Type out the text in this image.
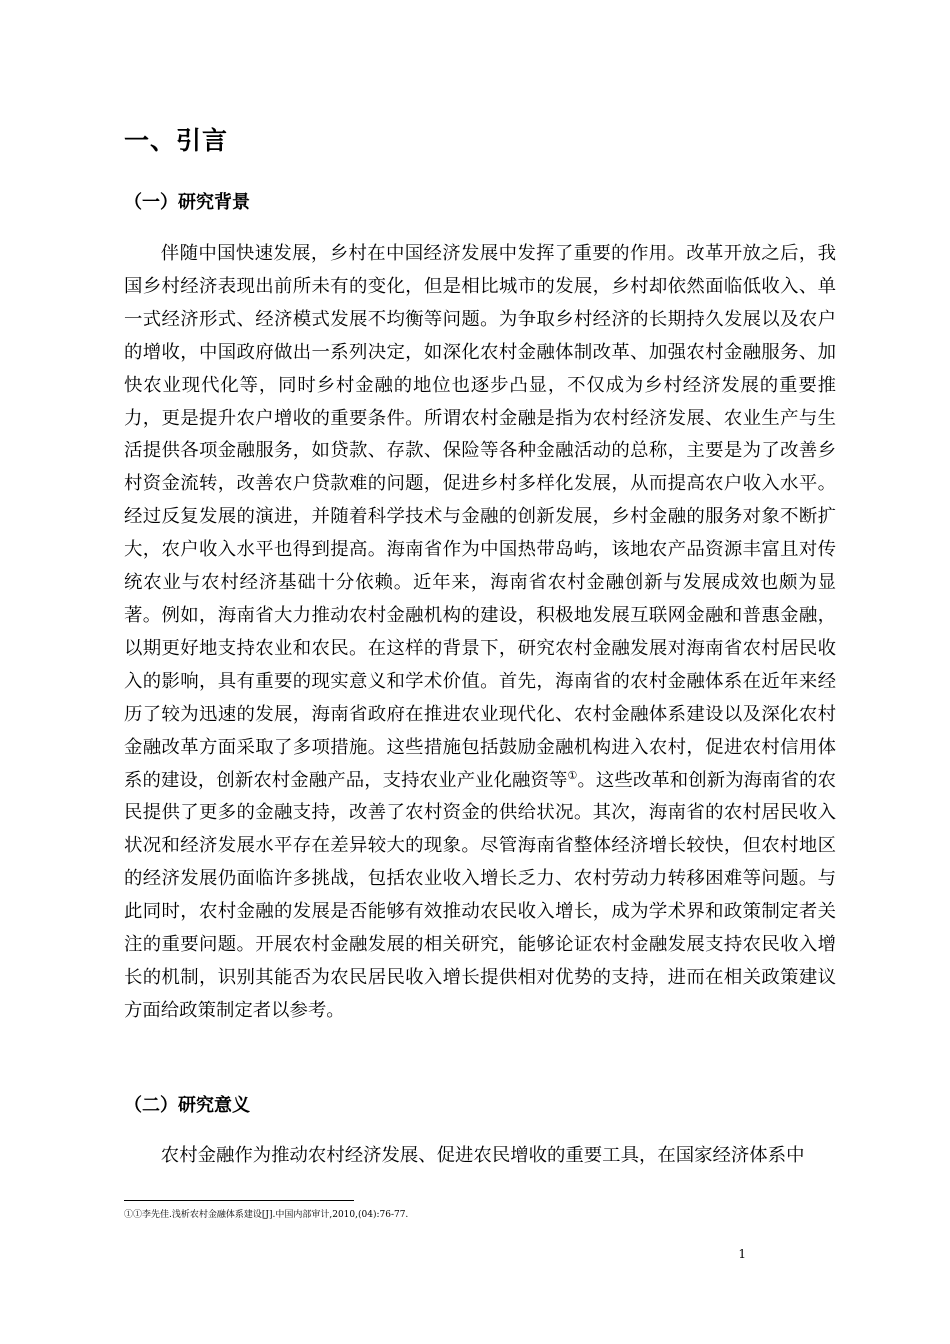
一、引言
（一）研究背景

伴随中国快速发展，乡村在中国经济发展中发挥了重要的作用。改革开放之后，我国乡村经济表现出前所未有的变化，但是相比城市的发展，乡村却依然面临低收入、单一式经济形式、经济模式发展不均衡等问题。为争取乡村经济的长期持久发展以及农户的增收，中国政府做出一系列决定，如深化农村金融体制改革、加强农村金融服务、加快农业现代化等，同时乡村金融的地位也逐步凸显，不仅成为乡村经济发展的重要推力，更是提升农户增收的重要条件。所谓农村金融是指为农村经济发展、农业生产与生活提供各项金融服务，如贷款、存款、保险等各种金融活动的总称，主要是为了改善乡村资金流转，改善农户贷款难的问题，促进乡村多样化发展，从而提高农户收入水平。经过反复发展的演进，并随着科学技术与金融的创新发展，乡村金融的服务对象不断扩大，农户收入水平也得到提高。海南省作为中国热带岛屿，该地农产品资源丰富且对传统农业与农村经济基础十分依赖。近年来，海南省农村金融创新与发展成效也颇为显著。例如，海南省大力推动农村金融机构的建设，积极地发展互联网金融和普惠金融，以期更好地支持农业和农民。在这样的背景下，研究农村金融发展对海南省农村居民收入的影响，具有重要的现实意义和学术价值。首先，海南省的农村金融体系在近年来经历了较为迅速的发展，海南省政府在推进农业现代化、农村金融体系建设以及深化农村金融改革方面采取了多项措施。这些措施包括鼓励金融机构进入农村，促进农村信用体系的建设，创新农村金融产品，支持农业产业化融资等①。这些改革和创新为海南省的农民提供了更多的金融支持，改善了农村资金的供给状况。其次，海南省的农村居民收入状况和经济发展水平存在差异较大的现象。尽管海南省整体经济增长较快，但农村地区的经济发展仍面临许多挑战，包括农业收入增长乏力、农村劳动力转移困难等问题。与此同时，农村金融的发展是否能够有效推动农民收入增长，成为学术界和政策制定者关注的重要问题。开展农村金融发展的相关研究，能够论证农村金融发展支持农民收入增长的机制，识别其能否为农民居民收入增长提供相对优势的支持，进而在相关政策建议方面给政策制定者以参考。

（二）研究意义

农村金融作为推动农村经济发展、促进农民增收的重要工具，在国家经济体系中

①①李先佳.浅析农村金融体系建设[J].中国内部审计,2010,(04):76-77.
1
